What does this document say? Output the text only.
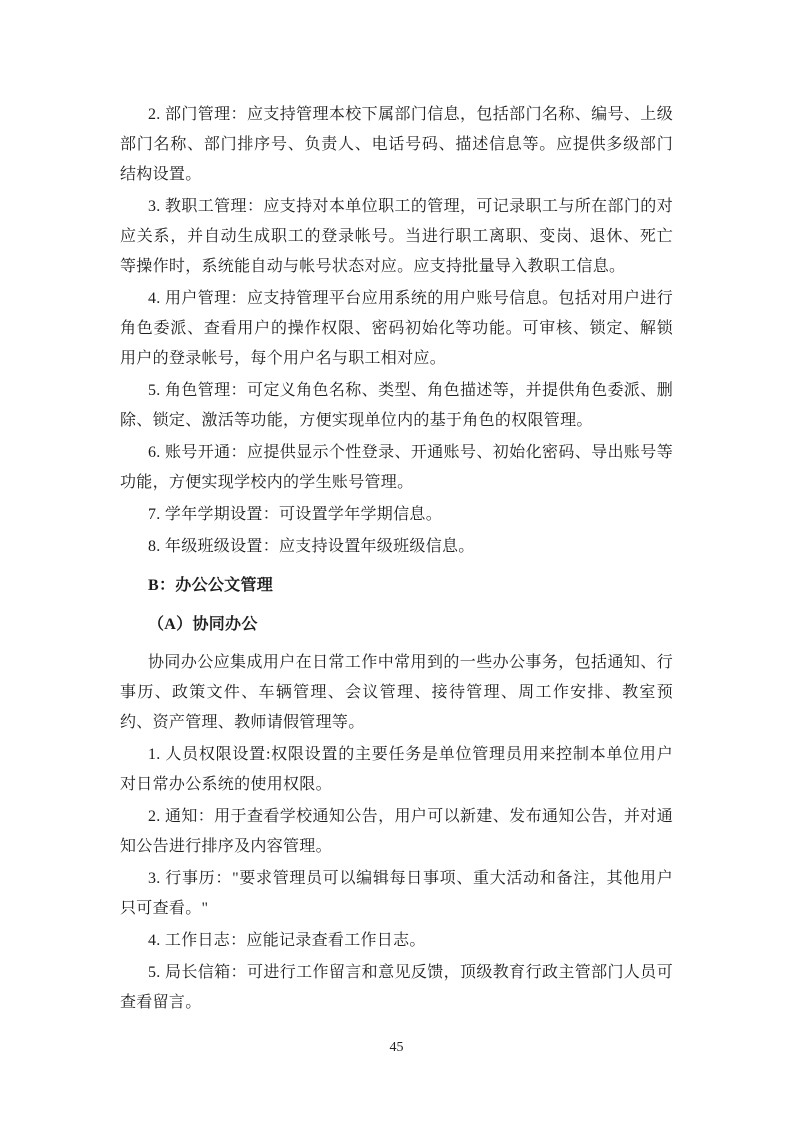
2. 部门管理：应支持管理本校下属部门信息，包括部门名称、编号、上级部门名称、部门排序号、负责人、电话号码、描述信息等。应提供多级部门结构设置。

3. 教职工管理：应支持对本单位职工的管理，可记录职工与所在部门的对应关系，并自动生成职工的登录帐号。当进行职工离职、变岗、退休、死亡等操作时，系统能自动与帐号状态对应。应支持批量导入教职工信息。

4. 用户管理：应支持管理平台应用系统的用户账号信息。包括对用户进行角色委派、查看用户的操作权限、密码初始化等功能。可审核、锁定、解锁用户的登录帐号，每个用户名与职工相对应。

5. 角色管理：可定义角色名称、类型、角色描述等，并提供角色委派、删除、锁定、激活等功能，方便实现单位内的基于角色的权限管理。

6. 账号开通：应提供显示个性登录、开通账号、初始化密码、导出账号等功能，方便实现学校内的学生账号管理。

7. 学年学期设置：可设置学年学期信息。

8. 年级班级设置：应支持设置年级班级信息。

B：办公公文管理

（A）协同办公

协同办公应集成用户在日常工作中常用到的一些办公事务，包括通知、行事历、政策文件、车辆管理、会议管理、接待管理、周工作安排、教室预约、资产管理、教师请假管理等。

1. 人员权限设置:权限设置的主要任务是单位管理员用来控制本单位用户对日常办公系统的使用权限。

2. 通知：用于查看学校通知公告，用户可以新建、发布通知公告，并对通知公告进行排序及内容管理。

3. 行事历："要求管理员可以编辑每日事项、重大活动和备注，其他用户只可查看。"

4. 工作日志：应能记录查看工作日志。

5. 局长信箱：可进行工作留言和意见反馈，顶级教育行政主管部门人员可查看留言。

45
